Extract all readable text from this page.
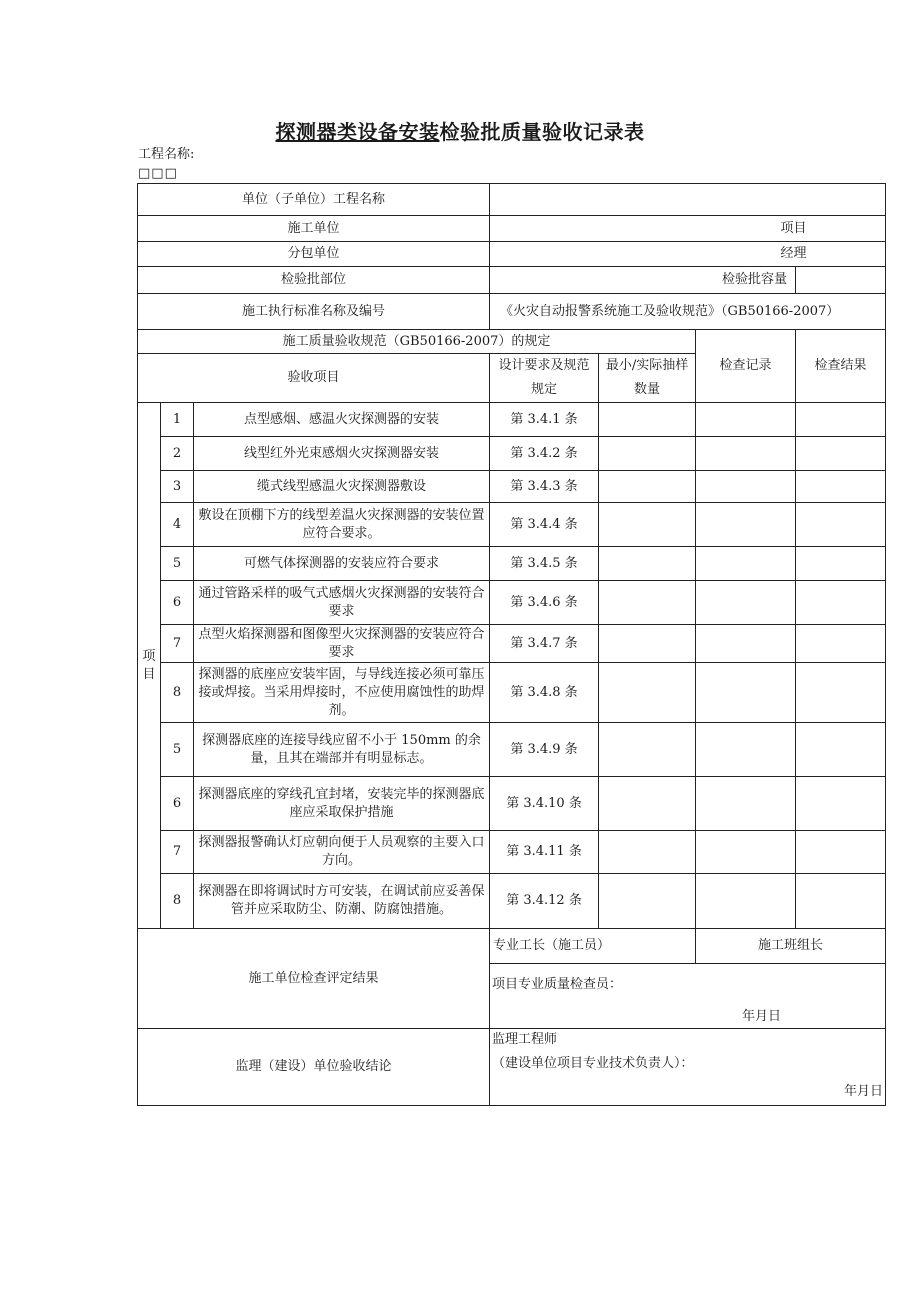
探测器类设备安装检验批质量验收记录表
工程名称:
□□□
单位（子单位）工程名称							
施工单位						项目	
分包单位						经理	
检验批部位			检验批容量				
施工执行标准名称及编号			《火灾自动报警系统施工及验收规范》（GB50166-2007）				
施工质量验收规范（GB50166-2007）的规定					检查记录		检查结果
验收项目			设计要求及规范规定	最小/实际抽样数量			
项
目	1	点型感烟、感温火灾探测器的安装	第 3.4.1 条				
	2	线型红外光束感烟火灾探测器安装	第 3.4.2 条				
	3	缆式线型感温火灾探测器敷设	第 3.4.3 条				
	4	敷设在顶棚下方的线型差温火灾探测器的安装位置应符合要求。	第 3.4.4 条				
	5	可燃气体探测器的安装应符合要求	第 3.4.5 条				
	6	通过管路采样的吸气式感烟火灾探测器的安装符合要求	第 3.4.6 条				
	7	点型火焰探测器和图像型火灾探测器的安装应符合要求	第 3.4.7 条				
	8	探测器的底座应安装牢固，与导线连接必须可靠压接或焊接。当采用焊接时，不应使用腐蚀性的助焊剂。	第 3.4.8 条				
	5	探测器底座的连接导线应留不小于 150mm 的余量，且其在端部并有明显标志。	第 3.4.9 条				
	6	探测器底座的穿线孔宜封堵，安装完毕的探测器底座应采取保护措施	第 3.4.10 条				
	7	探测器报警确认灯应朝向便于人员观察的主要入口方向。	第 3.4.11 条				
	8	探测器在即将调试时方可安装，在调试前应妥善保管并应采取防尘、防潮、防腐蚀措施。	第 3.4.12 条				
施工单位检查评定结果			专业工长（施工员）		施工班组长		

			项目专业质量检查员：
年月日				

监理（建设）单位验收结论			监理工程师
（建设单位项目专业技术负责人）：
年月日				
